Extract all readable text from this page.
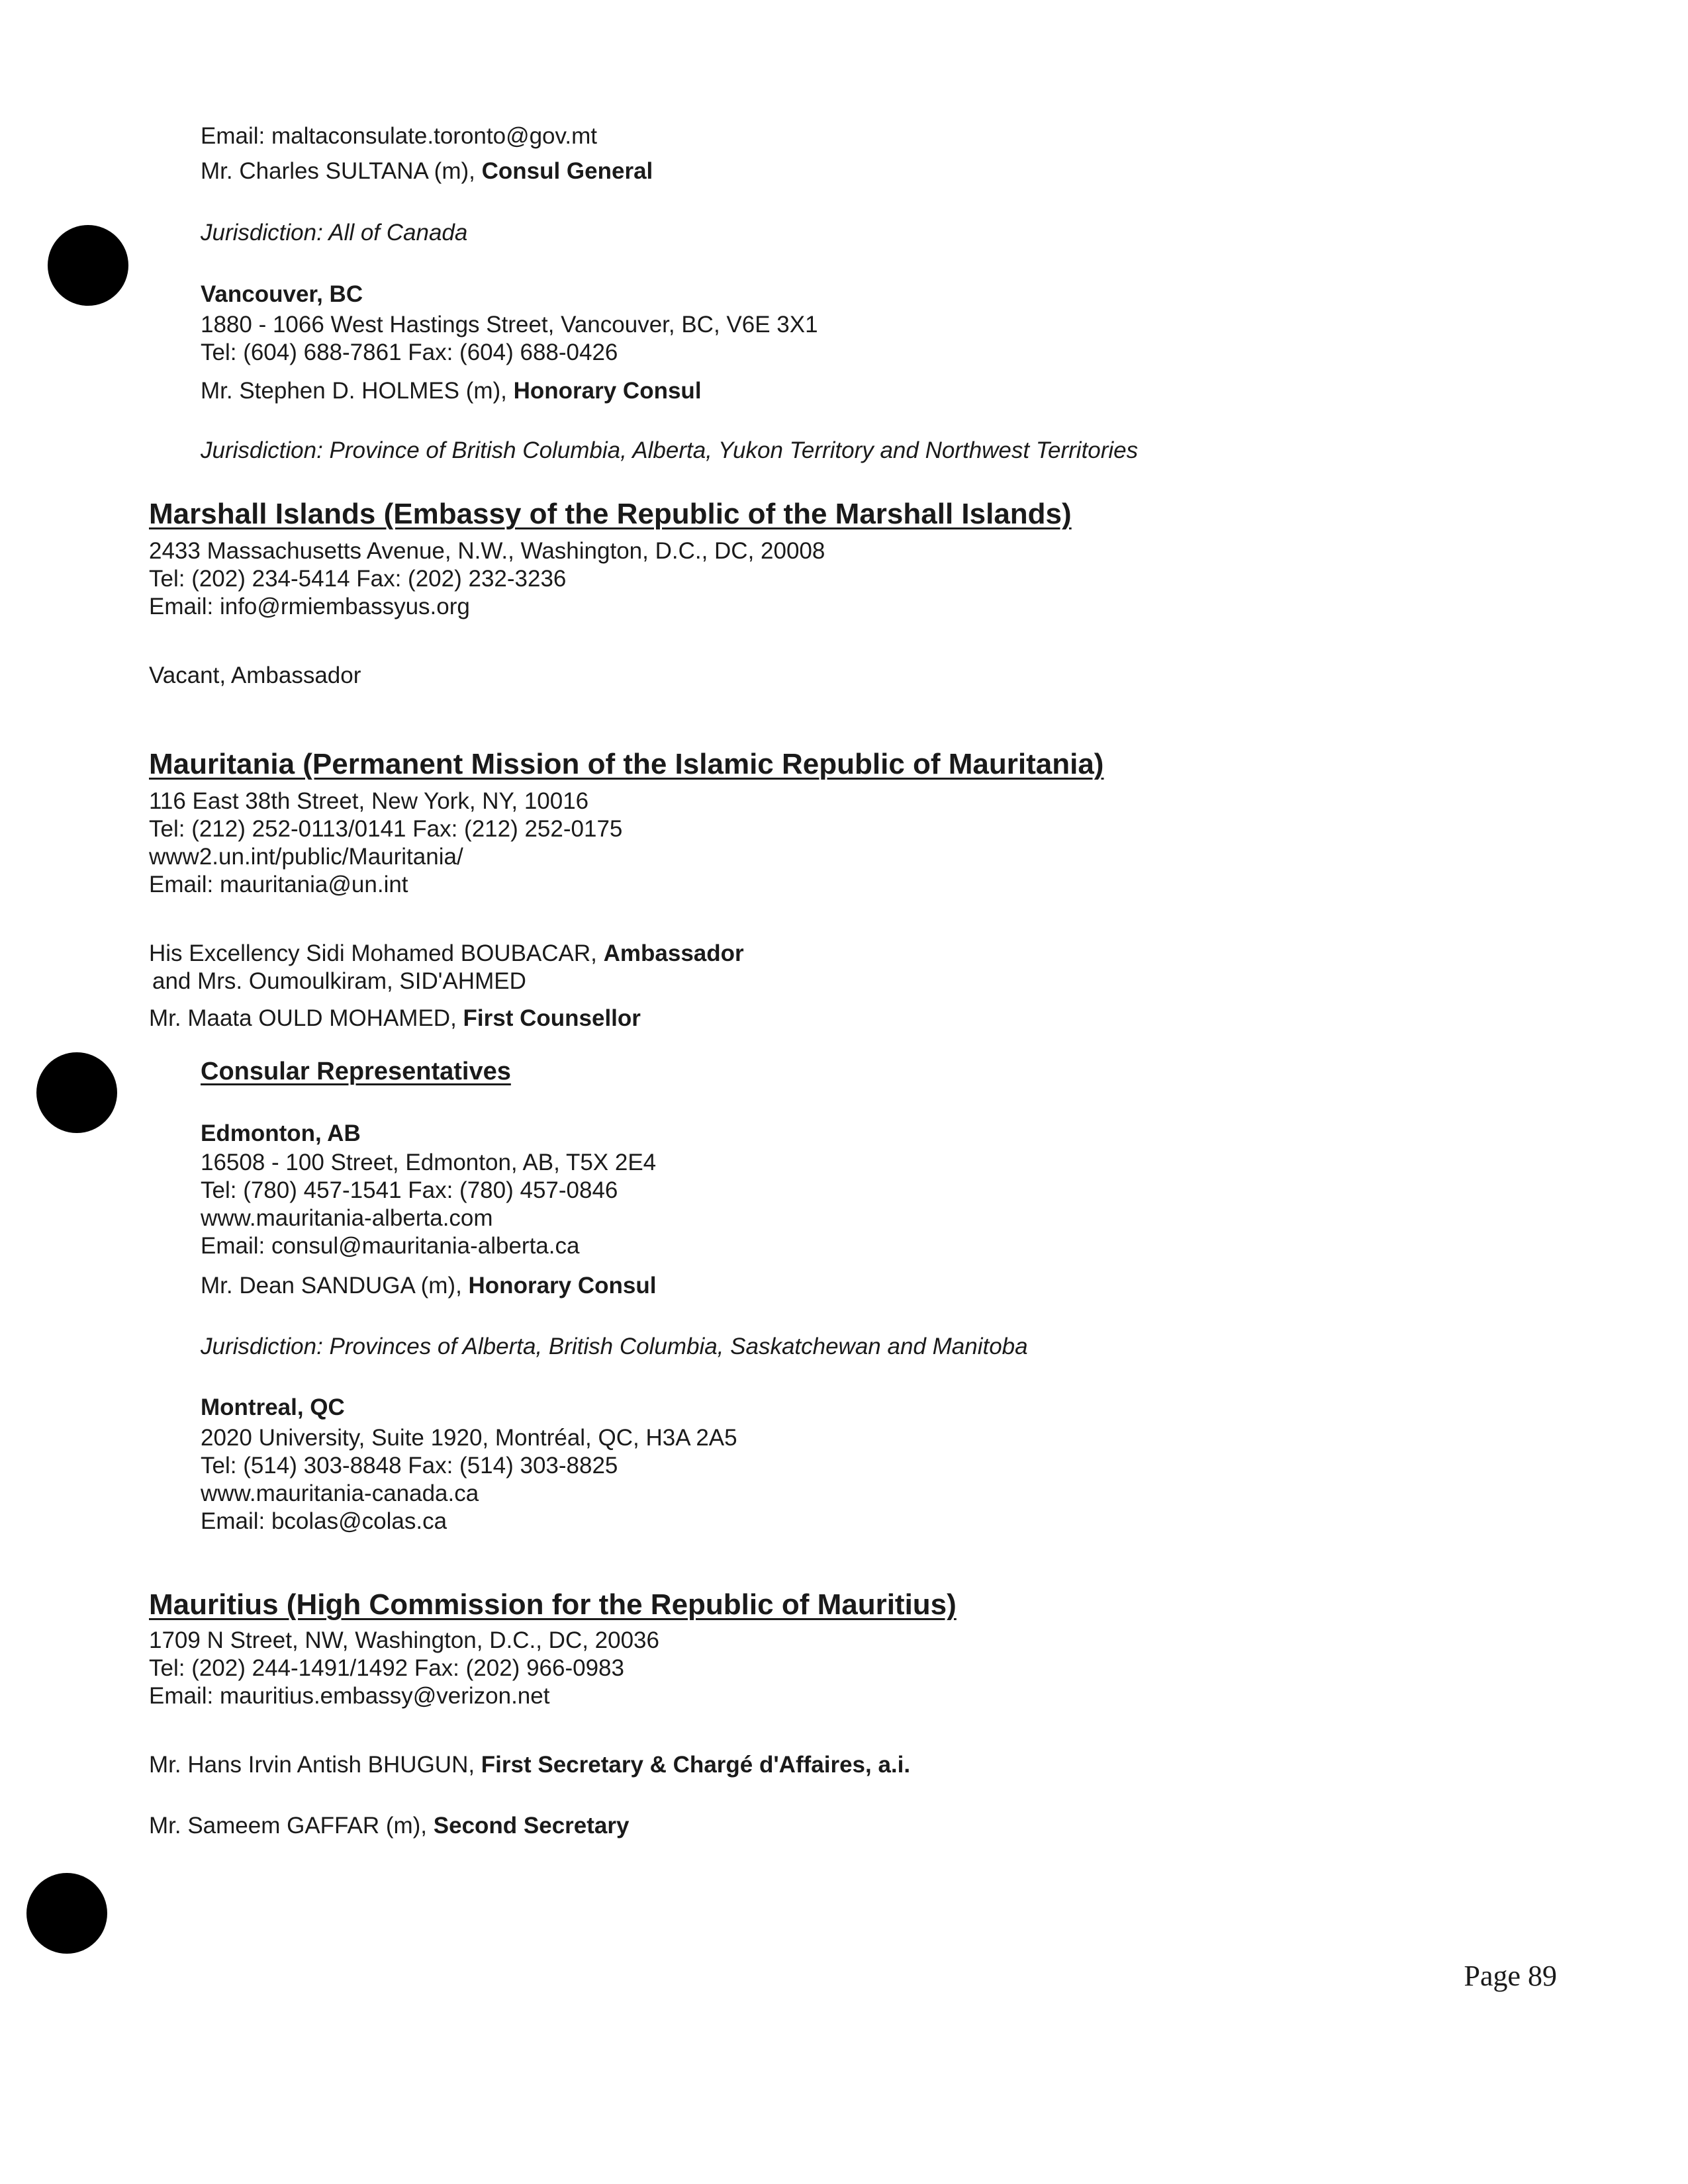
Email: maltaconsulate.toronto@gov.mt
Mr. Charles SULTANA (m), Consul General
Jurisdiction: All of Canada
Vancouver, BC
1880 - 1066 West Hastings Street, Vancouver, BC, V6E 3X1
Tel: (604) 688-7861 Fax: (604) 688-0426
Mr. Stephen D. HOLMES (m), Honorary Consul
Jurisdiction: Province of British Columbia, Alberta, Yukon Territory and Northwest Territories
Marshall Islands (Embassy of the Republic of the Marshall Islands)
2433 Massachusetts Avenue, N.W., Washington, D.C., DC, 20008
Tel: (202) 234-5414 Fax: (202) 232-3236
Email: info@rmiembassyus.org
Vacant, Ambassador
Mauritania (Permanent Mission of the Islamic Republic of Mauritania)
116 East 38th Street, New York, NY, 10016
Tel: (212) 252-0113/0141 Fax: (212) 252-0175
www2.un.int/public/Mauritania/
Email: mauritania@un.int
His Excellency Sidi Mohamed BOUBACAR, Ambassador
and Mrs. Oumoulkiram, SID'AHMED
Mr. Maata OULD MOHAMED, First Counsellor
Consular Representatives
Edmonton, AB
16508 - 100 Street, Edmonton, AB, T5X 2E4
Tel: (780) 457-1541 Fax: (780) 457-0846
www.mauritania-alberta.com
Email: consul@mauritania-alberta.ca
Mr. Dean SANDUGA (m), Honorary Consul
Jurisdiction: Provinces of Alberta, British Columbia, Saskatchewan and Manitoba
Montreal, QC
2020 University, Suite 1920, Montréal, QC, H3A 2A5
Tel: (514) 303-8848 Fax: (514) 303-8825
www.mauritania-canada.ca
Email: bcolas@colas.ca
Mauritius (High Commission for the Republic of Mauritius)
1709 N Street, NW, Washington, D.C., DC, 20036
Tel: (202) 244-1491/1492 Fax: (202) 966-0983
Email: mauritius.embassy@verizon.net
Mr. Hans Irvin Antish BHUGUN, First Secretary & Chargé d'Affaires, a.i.
Mr. Sameem GAFFAR (m), Second Secretary
Page 89
